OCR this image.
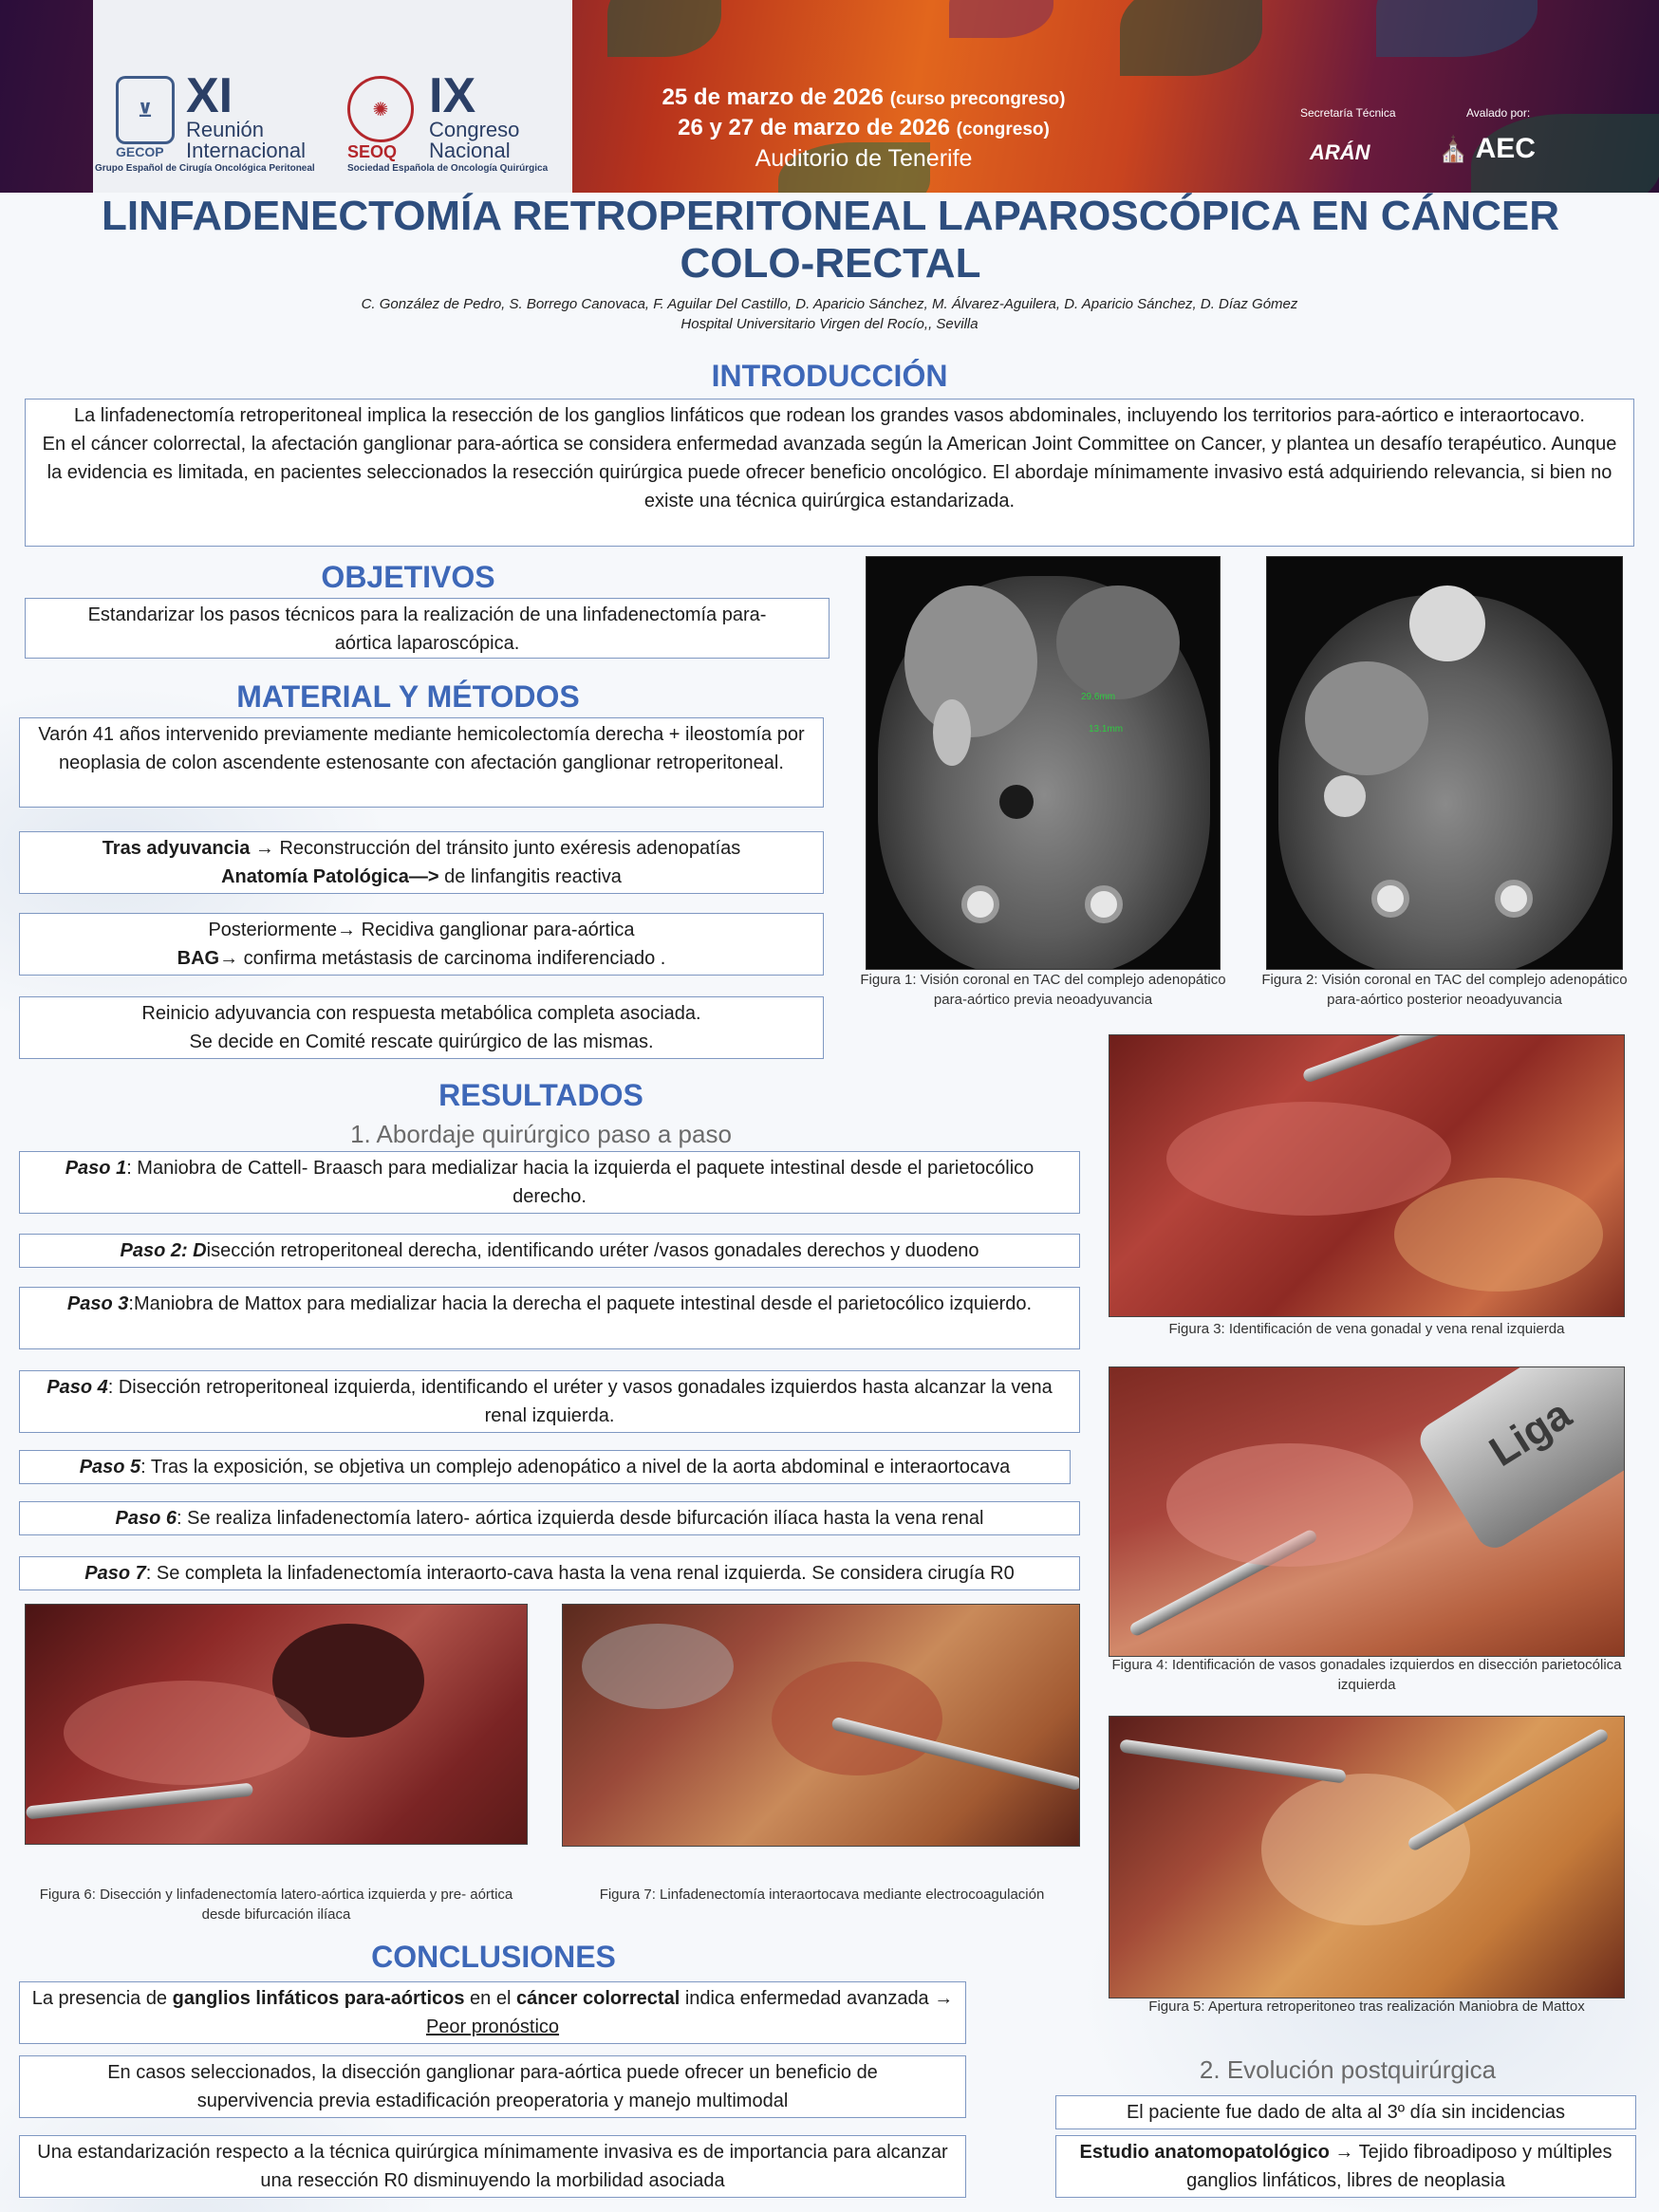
⊻
GECOP
XI
Reunión
Internacional
Grupo Español de Cirugía Oncológica Peritoneal
✺
SEOQ
IX
Congreso
Nacional
Sociedad Española de Oncología Quirúrgica
25 de marzo de 2026 (curso precongreso)
26 y 27 de marzo de 2026 (congreso)
Auditorio de Tenerife
Secretaría Técnica
ARÁN
Avalado por:
⛪ AEC
LINFADENECTOMÍA RETROPERITONEAL LAPAROSCÓPICA EN CÁNCER
COLO-RECTAL
C. González de Pedro, S. Borrego Canovaca, F. Aguilar Del Castillo, D. Aparicio Sánchez, M. Álvarez-Aguilera, D. Aparicio Sánchez, D. Díaz Gómez
Hospital Universitario Virgen del Rocío,, Sevilla
INTRODUCCIÓN
La linfadenectomía retroperitoneal implica la resección de los ganglios linfáticos que rodean los grandes vasos abdominales, incluyendo los territorios para-aórtico e interaortocavo.
En el cáncer colorrectal, la afectación ganglionar para-aórtica se considera enfermedad avanzada según la American Joint Committee on Cancer, y plantea un desafío terapéutico. Aunque la evidencia es limitada, en pacientes seleccionados la resección quirúrgica puede ofrecer beneficio oncológico. El abordaje mínimamente invasivo está adquiriendo relevancia, si bien no existe una técnica quirúrgica estandarizada.
OBJETIVOS
Estandarizar los pasos técnicos para la realización de una linfadenectomía para-aórtica laparoscópica.
MATERIAL Y MÉTODOS
Varón 41 años intervenido previamente mediante hemicolectomía derecha + ileostomía por neoplasia de colon ascendente estenosante con afectación ganglionar retroperitoneal.
Tras adyuvancia → Reconstrucción del tránsito junto exéresis adenopatías
Anatomía Patológica—> de linfangitis reactiva
Posteriormente→ Recidiva ganglionar para-aórtica
BAG→ confirma metástasis de carcinoma indiferenciado .
Reinicio adyuvancia con respuesta metabólica completa asociada.
Se decide en Comité rescate quirúrgico de las mismas.
29.6mm
13.1mm
Figura 1: Visión coronal en TAC del complejo adenopático para-aórtico previa neoadyuvancia
Figura 2: Visión coronal en TAC del complejo adenopático para-aórtico posterior neoadyuvancia
Figura 3: Identificación de vena gonadal y vena renal izquierda
Liga
Figura 4: Identificación de vasos gonadales izquierdos en disección parietocólica izquierda
Figura 5: Apertura retroperitoneo tras realización Maniobra de Mattox
RESULTADOS
1. Abordaje quirúrgico paso a paso
Paso 1: Maniobra de Cattell- Braasch para medializar hacia la izquierda el paquete intestinal desde el parietocólico derecho.
Paso 2: Disección retroperitoneal derecha, identificando uréter /vasos gonadales derechos y duodeno
Paso 3:Maniobra de Mattox para medializar hacia la derecha el paquete intestinal desde el parietocólico izquierdo.
Paso 4: Disección retroperitoneal izquierda, identificando el uréter y vasos gonadales izquierdos hasta alcanzar la vena renal izquierda.
Paso 5: Tras la exposición, se objetiva un complejo adenopático a nivel de la aorta abdominal e interaortocava
Paso 6: Se realiza linfadenectomía latero- aórtica izquierda desde bifurcación ilíaca hasta la vena renal
Paso 7: Se completa la linfadenectomía interaorto-cava hasta la vena renal izquierda. Se considera cirugía R0
Figura 6: Disección y linfadenectomía latero-aórtica izquierda y pre- aórtica desde bifurcación ilíaca
Figura 7: Linfadenectomía interaortocava mediante electrocoagulación
CONCLUSIONES
La presencia de ganglios linfáticos para-aórticos en el cáncer colorrectal indica enfermedad avanzada → Peor pronóstico
En casos seleccionados, la disección ganglionar para-aórtica puede ofrecer un beneficio de supervivencia previa estadificación preoperatoria y manejo multimodal
Una estandarización respecto a la técnica quirúrgica mínimamente invasiva es de importancia para alcanzar una resección R0 disminuyendo la morbilidad asociada
2. Evolución postquirúrgica
El paciente fue dado de alta al 3º día sin incidencias
Estudio anatomopatológico → Tejido fibroadiposo y múltiples ganglios linfáticos, libres de neoplasia
